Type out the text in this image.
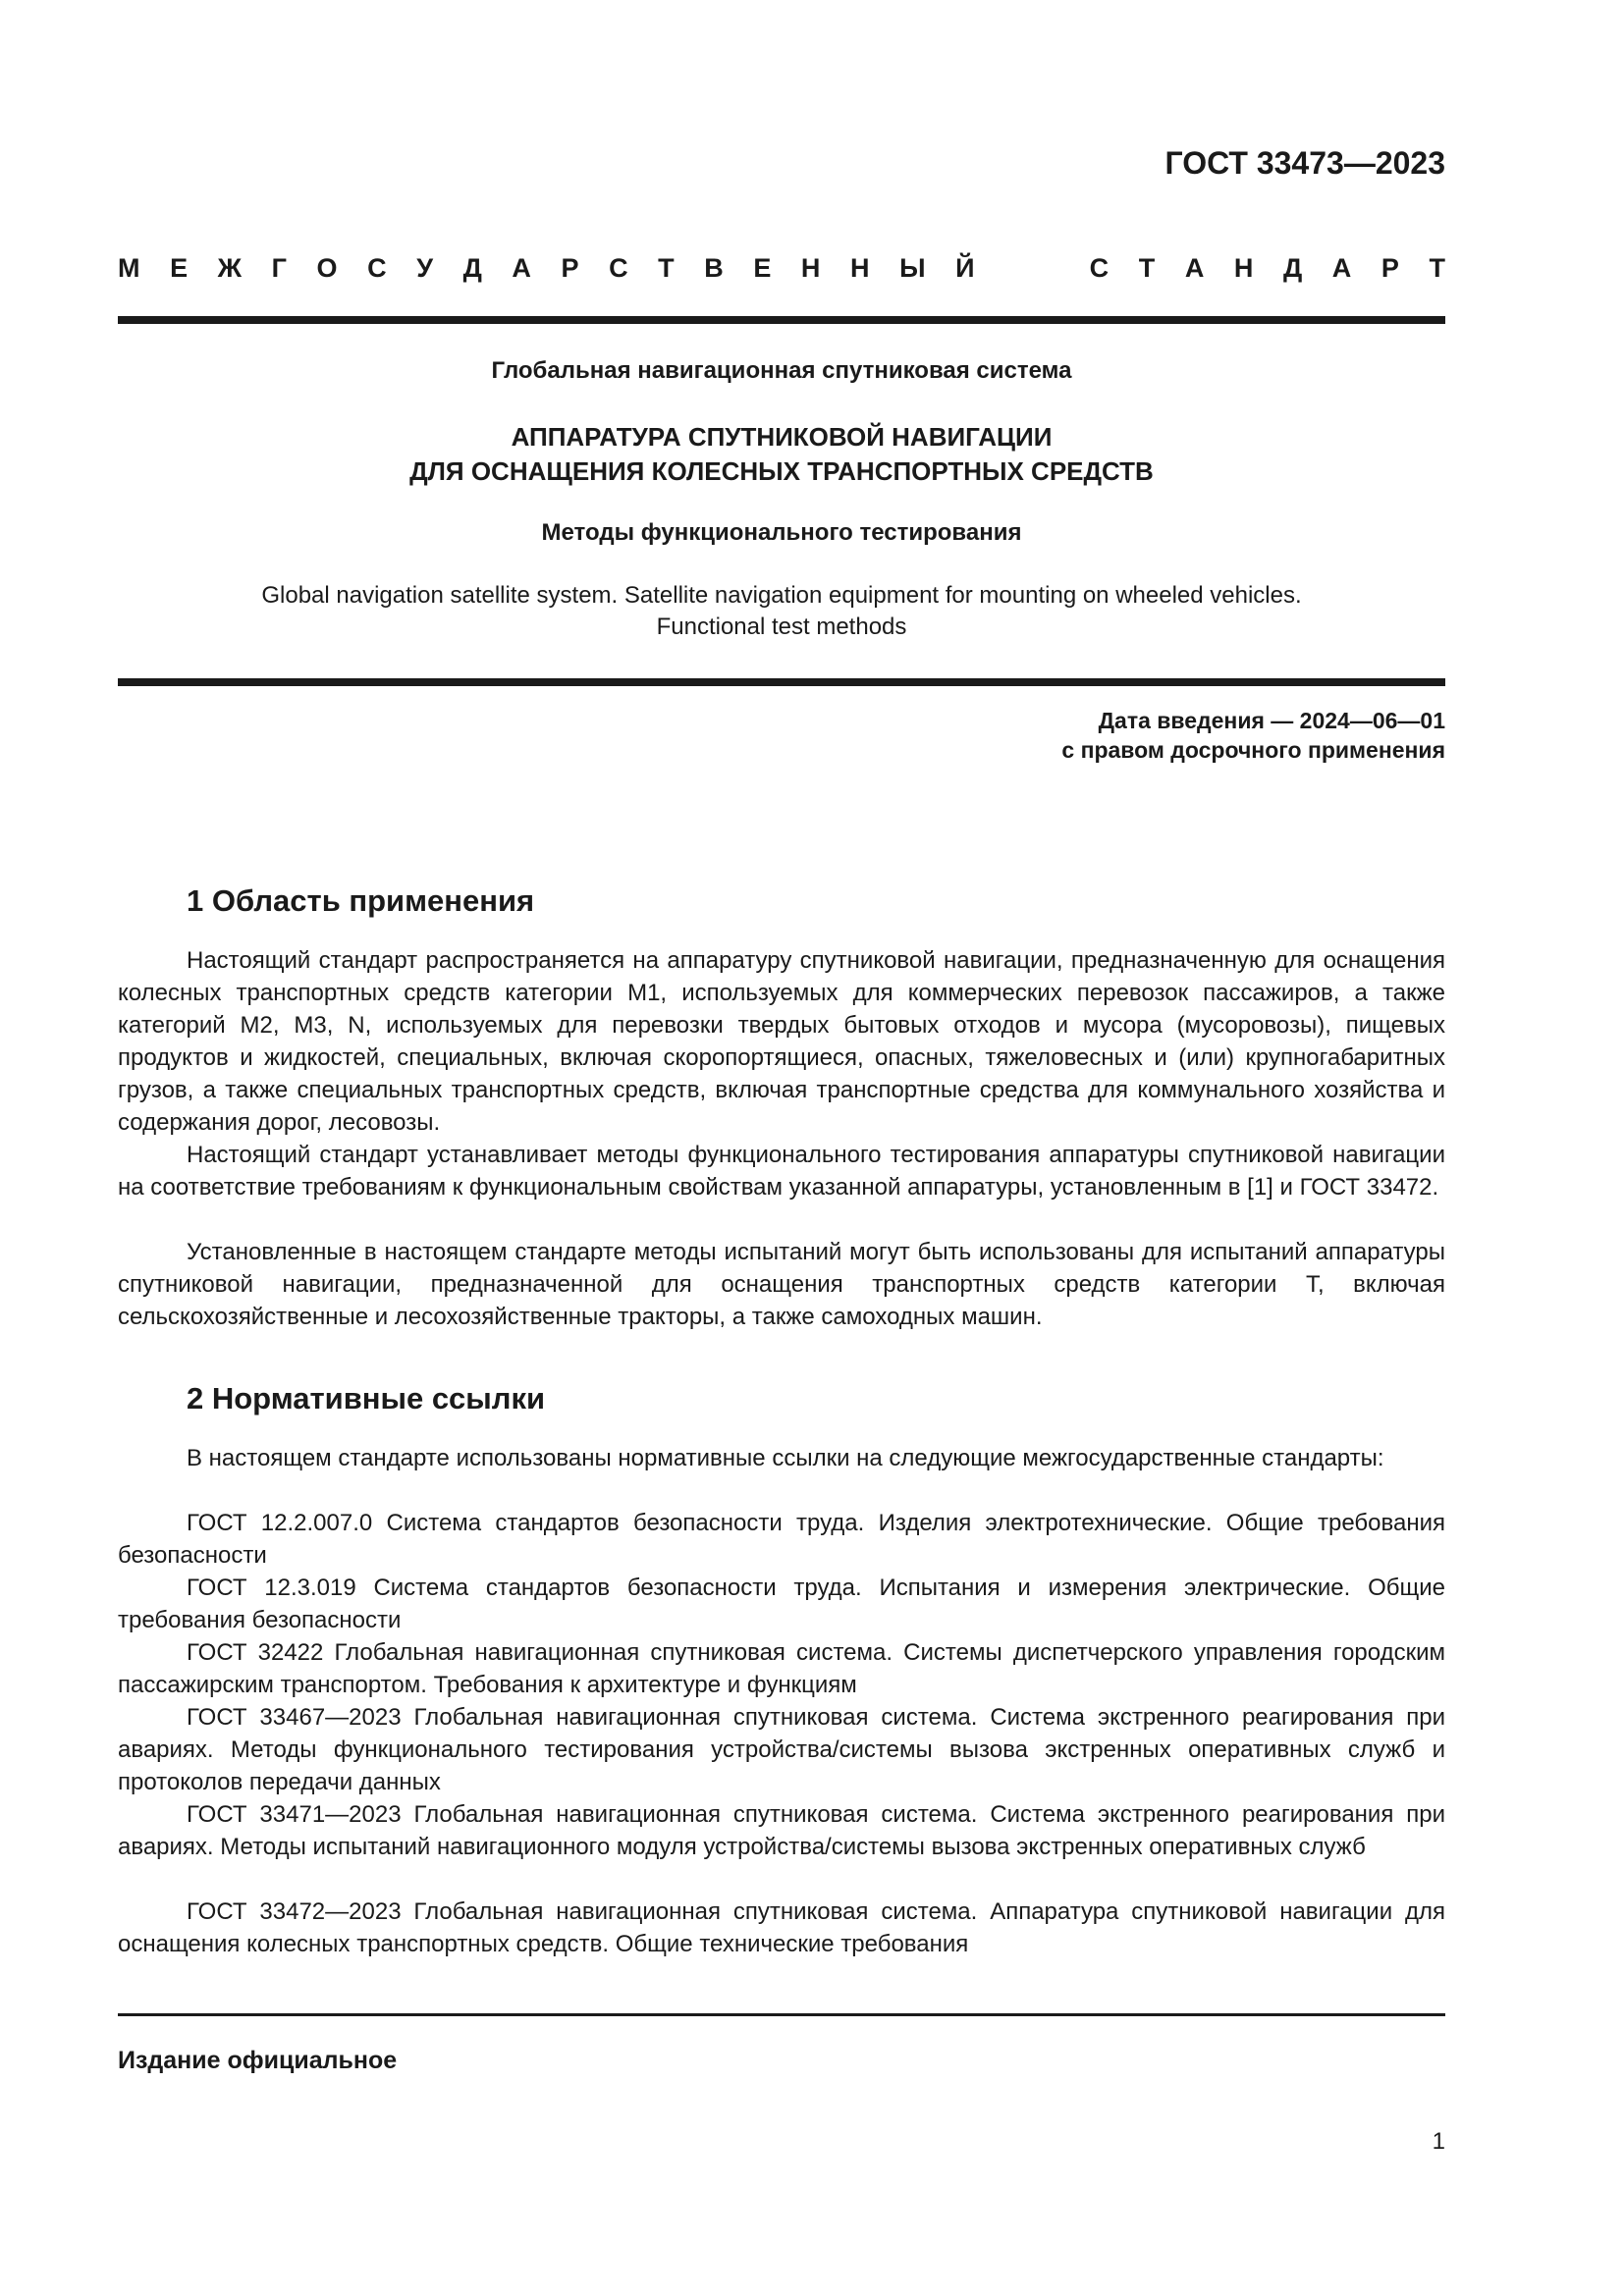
ГОСТ 33473—2023
М Е Ж Г О С У Д А Р С Т В Е Н Н Ы Й	С Т А Н Д А Р Т
Глобальная навигационная спутниковая система
АППАРАТУРА СПУТНИКОВОЙ НАВИГАЦИИ
ДЛЯ ОСНАЩЕНИЯ КОЛЕСНЫХ ТРАНСПОРТНЫХ СРЕДСТВ
Методы функционального тестирования
Global navigation satellite system. Satellite navigation equipment for mounting on wheeled vehicles.
Functional test methods
Дата введения — 2024—06—01
с правом досрочного применения
1 Область применения

Настоящий стандарт распространяется на аппаратуру спутниковой навигации, предназначенную для оснащения колесных транспортных средств категории М1, используемых для коммерческих перевозок пассажиров, а также категорий М2, М3, N, используемых для перевозки твердых бытовых отходов и мусора (мусоровозы), пищевых продуктов и жидкостей, специальных, включая скоропортящиеся, опасных, тяжеловесных и (или) крупногабаритных грузов, а также специальных транспортных средств, включая транспортные средства для коммунального хозяйства и содержания дорог, лесовозы.

Настоящий стандарт устанавливает методы функционального тестирования аппаратуры спутниковой навигации на соответствие требованиям к функциональным свойствам указанной аппаратуры, установленным в [1] и ГОСТ 33472.

Установленные в настоящем стандарте методы испытаний могут быть использованы для испытаний аппаратуры спутниковой навигации, предназначенной для оснащения транспортных средств категории Т, включая сельскохозяйственные и лесохозяйственные тракторы, а также самоходных машин.

2 Нормативные ссылки

В настоящем стандарте использованы нормативные ссылки на следующие межгосударственные стандарты:

ГОСТ 12.2.007.0 Система стандартов безопасности труда. Изделия электротехнические. Общие требования безопасности

ГОСТ 12.3.019 Система стандартов безопасности труда. Испытания и измерения электрические. Общие требования безопасности

ГОСТ 32422 Глобальная навигационная спутниковая система. Системы диспетчерского управления городским пассажирским транспортом. Требования к архитектуре и функциям

ГОСТ 33467—2023 Глобальная навигационная спутниковая система. Система экстренного реагирования при авариях. Методы функционального тестирования устройства/системы вызова экстренных оперативных служб и протоколов передачи данных

ГОСТ 33471—2023 Глобальная навигационная спутниковая система. Система экстренного реагирования при авариях. Методы испытаний навигационного модуля устройства/системы вызова экстренных оперативных служб

ГОСТ 33472—2023 Глобальная навигационная спутниковая система. Аппаратура спутниковой навигации для оснащения колесных транспортных средств. Общие технические требования

Издание официальное
1
